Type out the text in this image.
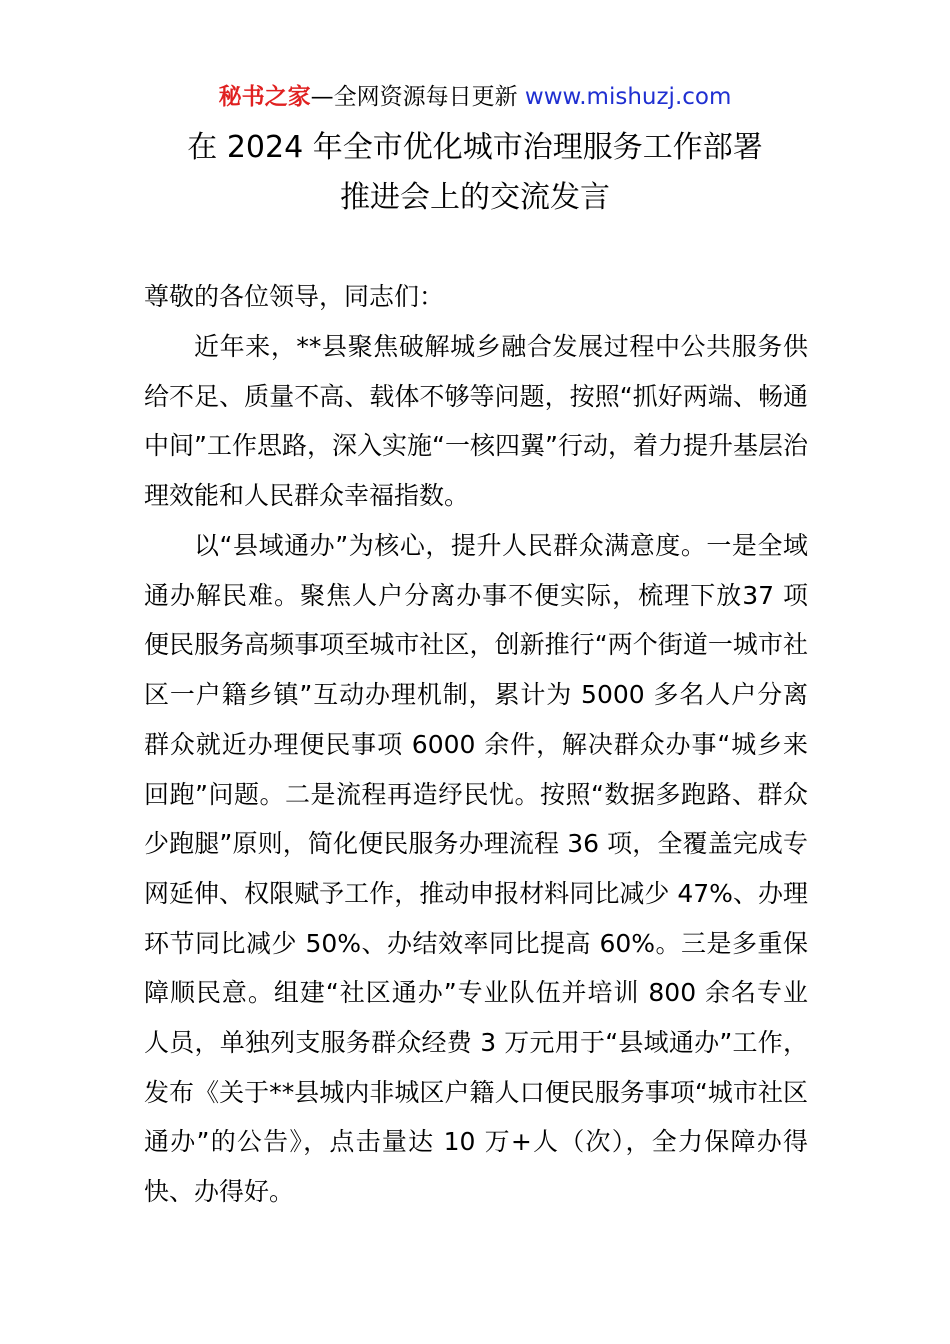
秘书之家—全网资源每日更新 www.mishuzj.com
在 2024 年全市优化城市治理服务工作部署
推进会上的交流发言
尊敬的各位领导，同志们：

近年来，**县聚焦破解城乡融合发展过程中公共服务供给不足、质量不高、载体不够等问题，按照“抓好两端、畅通中间”工作思路，深入实施“一核四翼”行动，着力提升基层治理效能和人民群众幸福指数。

以“县域通办”为核心，提升人民群众满意度。一是全域通办解民难。聚焦人户分离办事不便实际，梳理下放37 项便民服务高频事项至城市社区，创新推行“两个街道一城市社区一户籍乡镇”互动办理机制，累计为 5000 多名人户分离群众就近办理便民事项 6000 余件，解决群众办事“城乡来回跑”问题。二是流程再造纾民忧。按照“数据多跑路、群众少跑腿”原则，简化便民服务办理流程 36 项，全覆盖完成专网延伸、权限赋予工作，推动申报材料同比减少 47%、办理环节同比减少 50%、办结效率同比提高 60%。三是多重保障顺民意。组建“社区通办”专业队伍并培训 800 余名专业人员，单独列支服务群众经费 3 万元用于“县域通办”工作，发布《关于**县城内非城区户籍人口便民服务事项“城市社区通办”的公告》，点击量达 10 万+人（次），全力保障办得快、办得好。
